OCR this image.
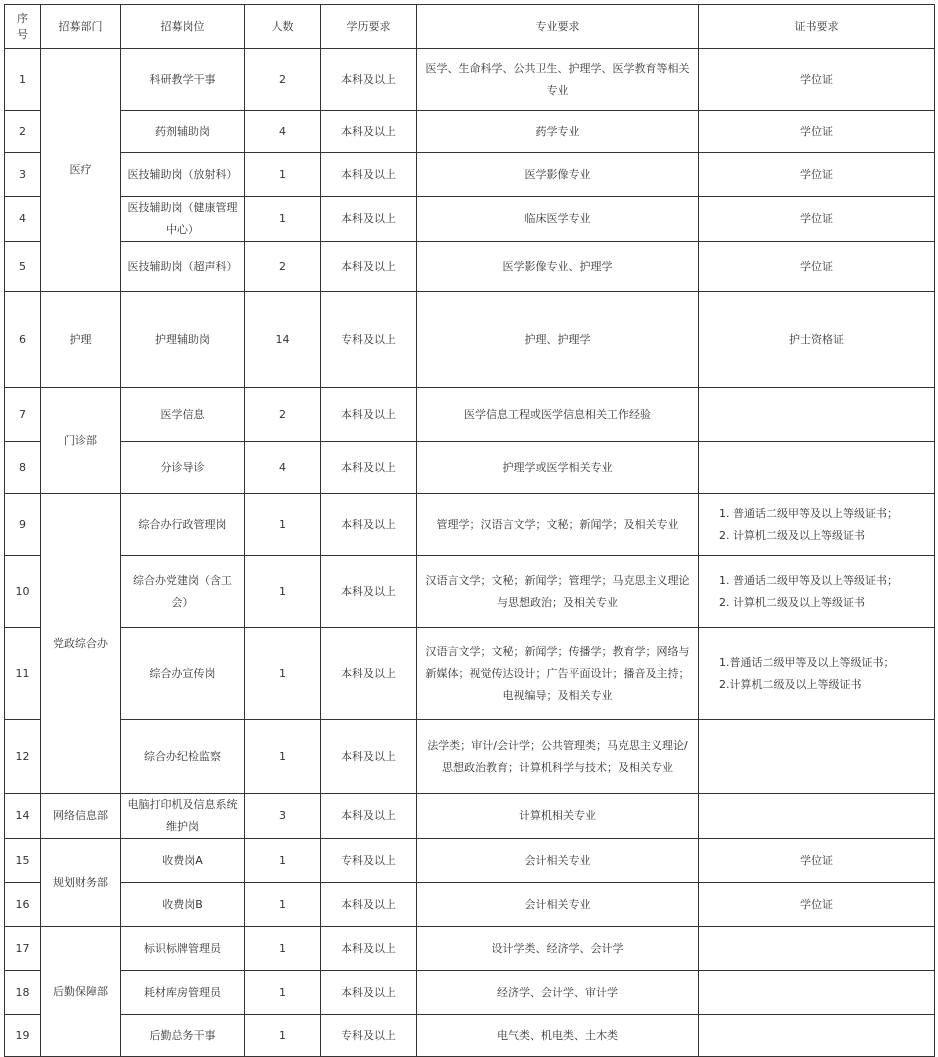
序
号	招募部门	招募岗位	人数	学历要求	专业要求	证书要求
1	医疗	科研教学干事	2	本科及以上	医学、生命科学、公共卫生、护理学、医学教育等相关专业	学位证
2		药剂辅助岗	4	本科及以上	药学专业	学位证
3		医技辅助岗（放射科）	1	本科及以上	医学影像专业	学位证
4		医技辅助岗（健康管理中心）	1	本科及以上	临床医学专业	学位证
5		医技辅助岗（超声科）	2	本科及以上	医学影像专业、护理学	学位证
6	护理	护理辅助岗	14	专科及以上	护理、护理学	护士资格证
7	门诊部	医学信息	2	本科及以上	医学信息工程或医学信息相关工作经验	
8		分诊导诊	4	本科及以上	护理学或医学相关专业	
9	党政综合办	综合办行政管理岗	1	本科及以上	管理学；汉语言文学；文秘；新闻学；及相关专业	1. 普通话二级甲等及以上等级证书；
2. 计算机二级及以上等级证书
10		综合办党建岗（含工会）	1	本科及以上	汉语言文学；文秘；新闻学；管理学；马克思主义理论与思想政治；及相关专业	1. 普通话二级甲等及以上等级证书；
2. 计算机二级及以上等级证书
11		综合办宣传岗	1	本科及以上	汉语言文学；文秘；新闻学；传播学；教育学；网络与新媒体；视觉传达设计；广告平面设计；播音及主持；电视编导；及相关专业	1.普通话二级甲等及以上等级证书；
2.计算机二级及以上等级证书
12		综合办纪检监察	1	本科及以上	法学类；审计/会计学；公共管理类；马克思主义理论/ 思想政治教育；计算机科学与技术；及相关专业	
14	网络信息部	电脑打印机及信息系统维护岗	3	本科及以上	计算机相关专业	
15	规划财务部	收费岗A	1	专科及以上	会计相关专业	学位证
16		收费岗B	1	本科及以上	会计相关专业	学位证
17	后勤保障部	标识标牌管理员	1	本科及以上	设计学类、经济学、会计学	
18		耗材库房管理员	1	本科及以上	经济学、会计学、审计学	
19		后勤总务干事	1	专科及以上	电气类、机电类、土木类	
